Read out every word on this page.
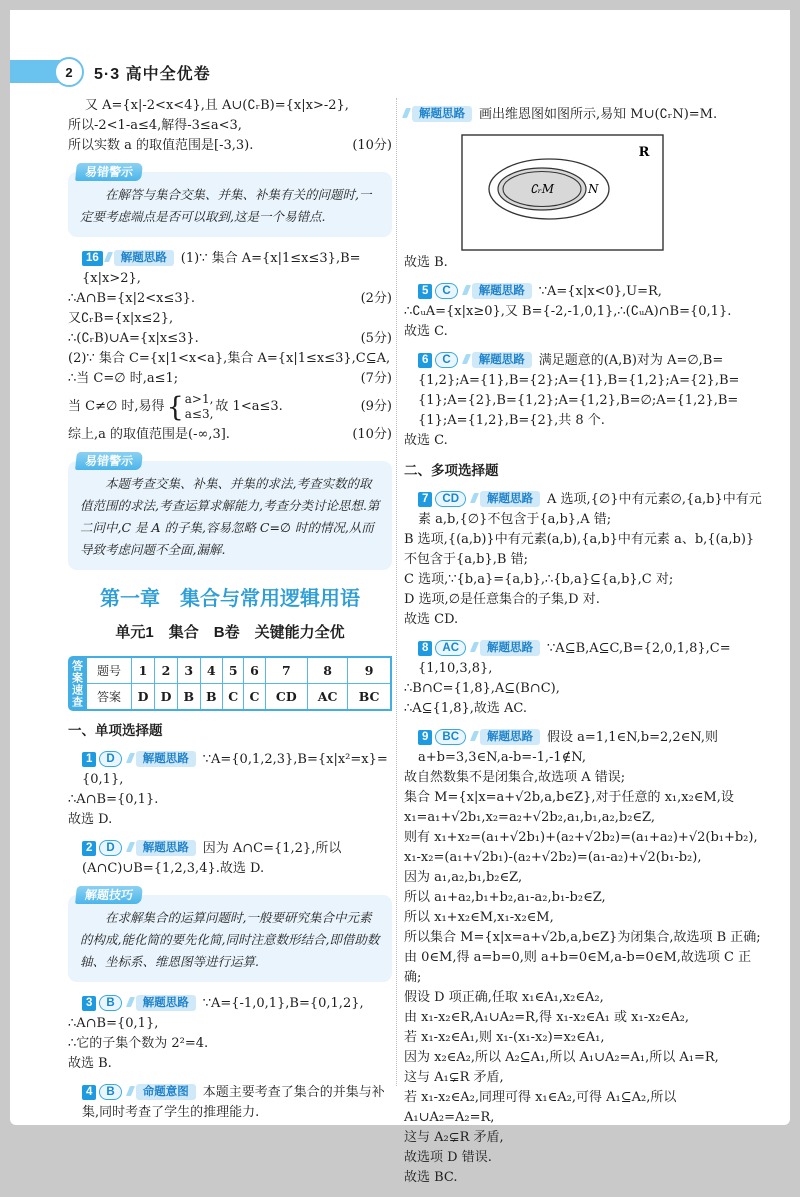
2 5·3 高中全优卷
又 A={x|-2<x<4},且 A∪(∁ᵣB)={x|x>-2},
所以-2<1-a≤4,解得-3≤a<3,
所以实数 a 的取值范围是[-3,3).	(10分)
易错警示
在解答与集合交集、并集、补集有关的问题时,一定要考虑端点是否可以取到,这是一个易错点.
16 解题思路 (1)∵ 集合 A={x|1≤x≤3},B={x|x>2},
∴A∩B={x|2<x≤3}.	(2分)
又∁ᵣB={x|x≤2},
∴(∁ᵣB)∪A={x|x≤3}.	(5分)
(2)∵ 集合 C={x|1<x<a},集合 A={x|1≤x≤3},C⊆A,
∴当 C=∅ 时,a≤1;	(7分)
当 C≠∅ 时,易得 { a>1,
a≤3, 故 1<a≤3.	(9分)
综上,a 的取值范围是(-∞,3].	(10分)
易错警示
本题考查交集、补集、并集的求法,考查实数的取值范围的求法,考查运算求解能力,考查分类讨论思想.第二问中,C 是 A 的子集,容易忽略 C=∅ 时的情况,从而导致考虑问题不全面,漏解.
第一章　集合与常用逻辑用语
单元1　集合　B卷　关键能力全优
答案速查 题号	1	2	3	4	5	6	7	8	9
答案	D	D	B	B	C	C	CD	AC	BC
一、单项选择题
1 D 解题思路 ∵A={0,1,2,3},B={x|x²=x}={0,1},
∴A∩B={0,1}.
故选 D.
2 D 解题思路 因为 A∩C={1,2},所以(A∩C)∪B={1,2,3,4}.故选 D.
解题技巧
在求解集合的运算问题时,一般要研究集合中元素的构成,能化简的要先化简,同时注意数形结合,即借助数轴、坐标系、维恩图等进行运算.
3 B 解题思路 ∵A={-1,0,1},B={0,1,2},
∴A∩B={0,1},
∴它的子集个数为 2²=4.
故选 B.
4 B 命题意图 本题主要考查了集合的并集与补集,同时考查了学生的推理能力.
解题思路 画出维恩图如图所示,易知 M∪(∁ᵣN)=M.
∁ᵣM	N
R
故选 B.
5 C 解题思路 ∵A={x|x<0},U=R,
∴∁ᵤA={x|x≥0},又 B={-2,-1,0,1},∴(∁ᵤA)∩B={0,1}.
故选 C.
6 C 解题思路 满足题意的(A,B)对为 A=∅,B={1,2};A={1},B={2};A={1},B={1,2};A={2},B={1};A={2},B={1,2};A={1,2},B=∅;A={1,2},B={1};A={1,2},B={2},共 8 个.
故选 C.
二、多项选择题
7 CD 解题思路 A 选项,{∅}中有元素∅,{a,b}中有元素 a,b,{∅}不包含于{a,b},A 错;
B 选项,{(a,b)}中有元素(a,b),{a,b}中有元素 a、b,{(a,b)}不包含于{a,b},B 错;
C 选项,∵{b,a}={a,b},∴{b,a}⊆{a,b},C 对;
D 选项,∅是任意集合的子集,D 对.
故选 CD.
8 AC 解题思路 ∵A⊆B,A⊆C,B={2,0,1,8},C={1,10,3,8},
∴B∩C={1,8},A⊆(B∩C),
∴A⊆{1,8},故选 AC.
9 BC 解题思路 假设 a=1,1∈N,b=2,2∈N,则 a+b=3,3∈N,a-b=-1,-1∉N,
故自然数集不是闭集合,故选项 A 错误;
集合 M={x|x=a+√2b,a,b∈Z},对于任意的 x₁,x₂∈M,设 x₁=a₁+√2b₁,x₂=a₂+√2b₂,a₁,b₁,a₂,b₂∈Z,
则有 x₁+x₂=(a₁+√2b₁)+(a₂+√2b₂)=(a₁+a₂)+√2(b₁+b₂),
x₁-x₂=(a₁+√2b₁)-(a₂+√2b₂)=(a₁-a₂)+√2(b₁-b₂),
因为 a₁,a₂,b₁,b₂∈Z,
所以 a₁+a₂,b₁+b₂,a₁-a₂,b₁-b₂∈Z,
所以 x₁+x₂∈M,x₁-x₂∈M,
所以集合 M={x|x=a+√2b,a,b∈Z}为闭集合,故选项 B 正确;
由 0∈M,得 a=b=0,则 a+b=0∈M,a-b=0∈M,故选项 C 正确;
假设 D 项正确,任取 x₁∈A₁,x₂∈A₂,
由 x₁-x₂∈R,A₁∪A₂=R,得 x₁-x₂∈A₁ 或 x₁-x₂∈A₂,
若 x₁-x₂∈A₁,则 x₁-(x₁-x₂)=x₂∈A₁,
因为 x₂∈A₂,所以 A₂⊆A₁,所以 A₁∪A₂=A₁,所以 A₁=R,
这与 A₁⊊R 矛盾,
若 x₁-x₂∈A₂,同理可得 x₁∈A₂,可得 A₁⊆A₂,所以 A₁∪A₂=A₂=R,
这与 A₂⊊R 矛盾,
故选项 D 错误.
故选 BC.
